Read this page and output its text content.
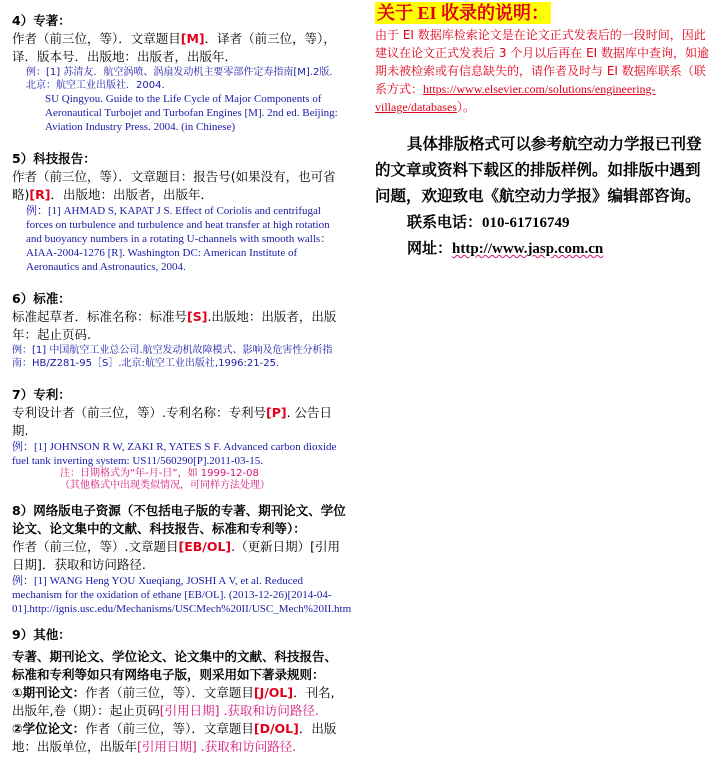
4）专著：
作者（前三位，等）．文章题目[M]．译者（前三位，等），译．版本号．出版地：出版者，出版年．
例：[1] 苏清友．航空涡喷、涡扇发动机主要零部件定寿指南[M].2版．北京：航空工业出版社．2004．
SU Qingyou. Guide to the Life Cycle of Major Components of Aeronautical Turbojet and Turbofan Engines [M]. 2nd ed. Beijing: Aviation Industry Press. 2004. (in Chinese)
5）科技报告：
作者（前三位，等）．文章题目：报告号(如果没有，也可省略)[R]．出版地：出版者，出版年．
例：[1] AHMAD S, KAPAT J S. Effect of Coriolis and centrifugal forces on turbulence and turbulence and heat transfer at high rotation and buoyancy numbers in a rotating U-channels with smooth walls：AIAA-2004-1276 [R]. Washington DC: American Institute of Aeronautics and Astronautics, 2004.
6）标准：
标准起草者．标准名称：标准号[S].出版地：出版者，出版年：起止页码.
例：[1] 中国航空工业总公司.航空发动机故障模式、影响及危害性分析指南：HB/Z281-95［S］.北京:航空工业出版社,1996:21-25.
7）专利：
专利设计者（前三位，等）.专利名称：专利号[P]. 公告日期.
例：[1] JOHNSON R W, ZAKI R, YATES S F. Advanced carbon dioxide fuel tank inverting system: US11/560290[P].2011-03-15.
注：日期格式为“年-月-日”，如 1999-12-08
（其他格式中出现类似情况，可同样方法处理）
8）网络版电子资源（不包括电子版的专著、期刊论文、学位论文、论文集中的文献、科技报告、标准和专利等）：
作者（前三位，等）.文章题目[EB/OL].（更新日期）[引用日期]．获取和访问路径.
例：[1] WANG Heng YOU Xueqiang, JOSHI A V, et al. Reduced mechanism for the oxidation of ethane [EB/OL]. (2013-12-26)[2014-04-01].http://ignis.usc.edu/Mechanisms/USCMech%20II/USC_Mech%20II.htm
9）其他：
专著、期刊论文、学位论文、论文集中的文献、科技报告、标准和专利等如只有网络电子版，则采用如下著录规则：
①期刊论文：作者（前三位，等）．文章题目[J/OL]．刊名, 出版年,卷（期）：起止页码[引用日期] .获取和访问路径.
②学位论文：作者（前三位，等）．文章题目[D/OL]．出版地：出版单位，出版年[引用日期] .获取和访问路径.
关于 EI 收录的说明：
由于 EI 数据库检索论文是在论文正式发表后的一段时间，因此建议在论文正式发表后 3 个月以后再在 EI 数据库中查询，如逾期未被检索或有信息缺失的，请作者及时与 EI 数据库联系（联系方式：https://www.elsevier.com/solutions/engineering-village/databases）。
具体排版格式可以参考航空动力学报已刊登的文章或资料下载区的排版样例。如排版中遇到问题，欢迎致电《航空动力学报》编辑部咨询。
联系电话：010-61716749
网址：http://www.jasp.com.cn
